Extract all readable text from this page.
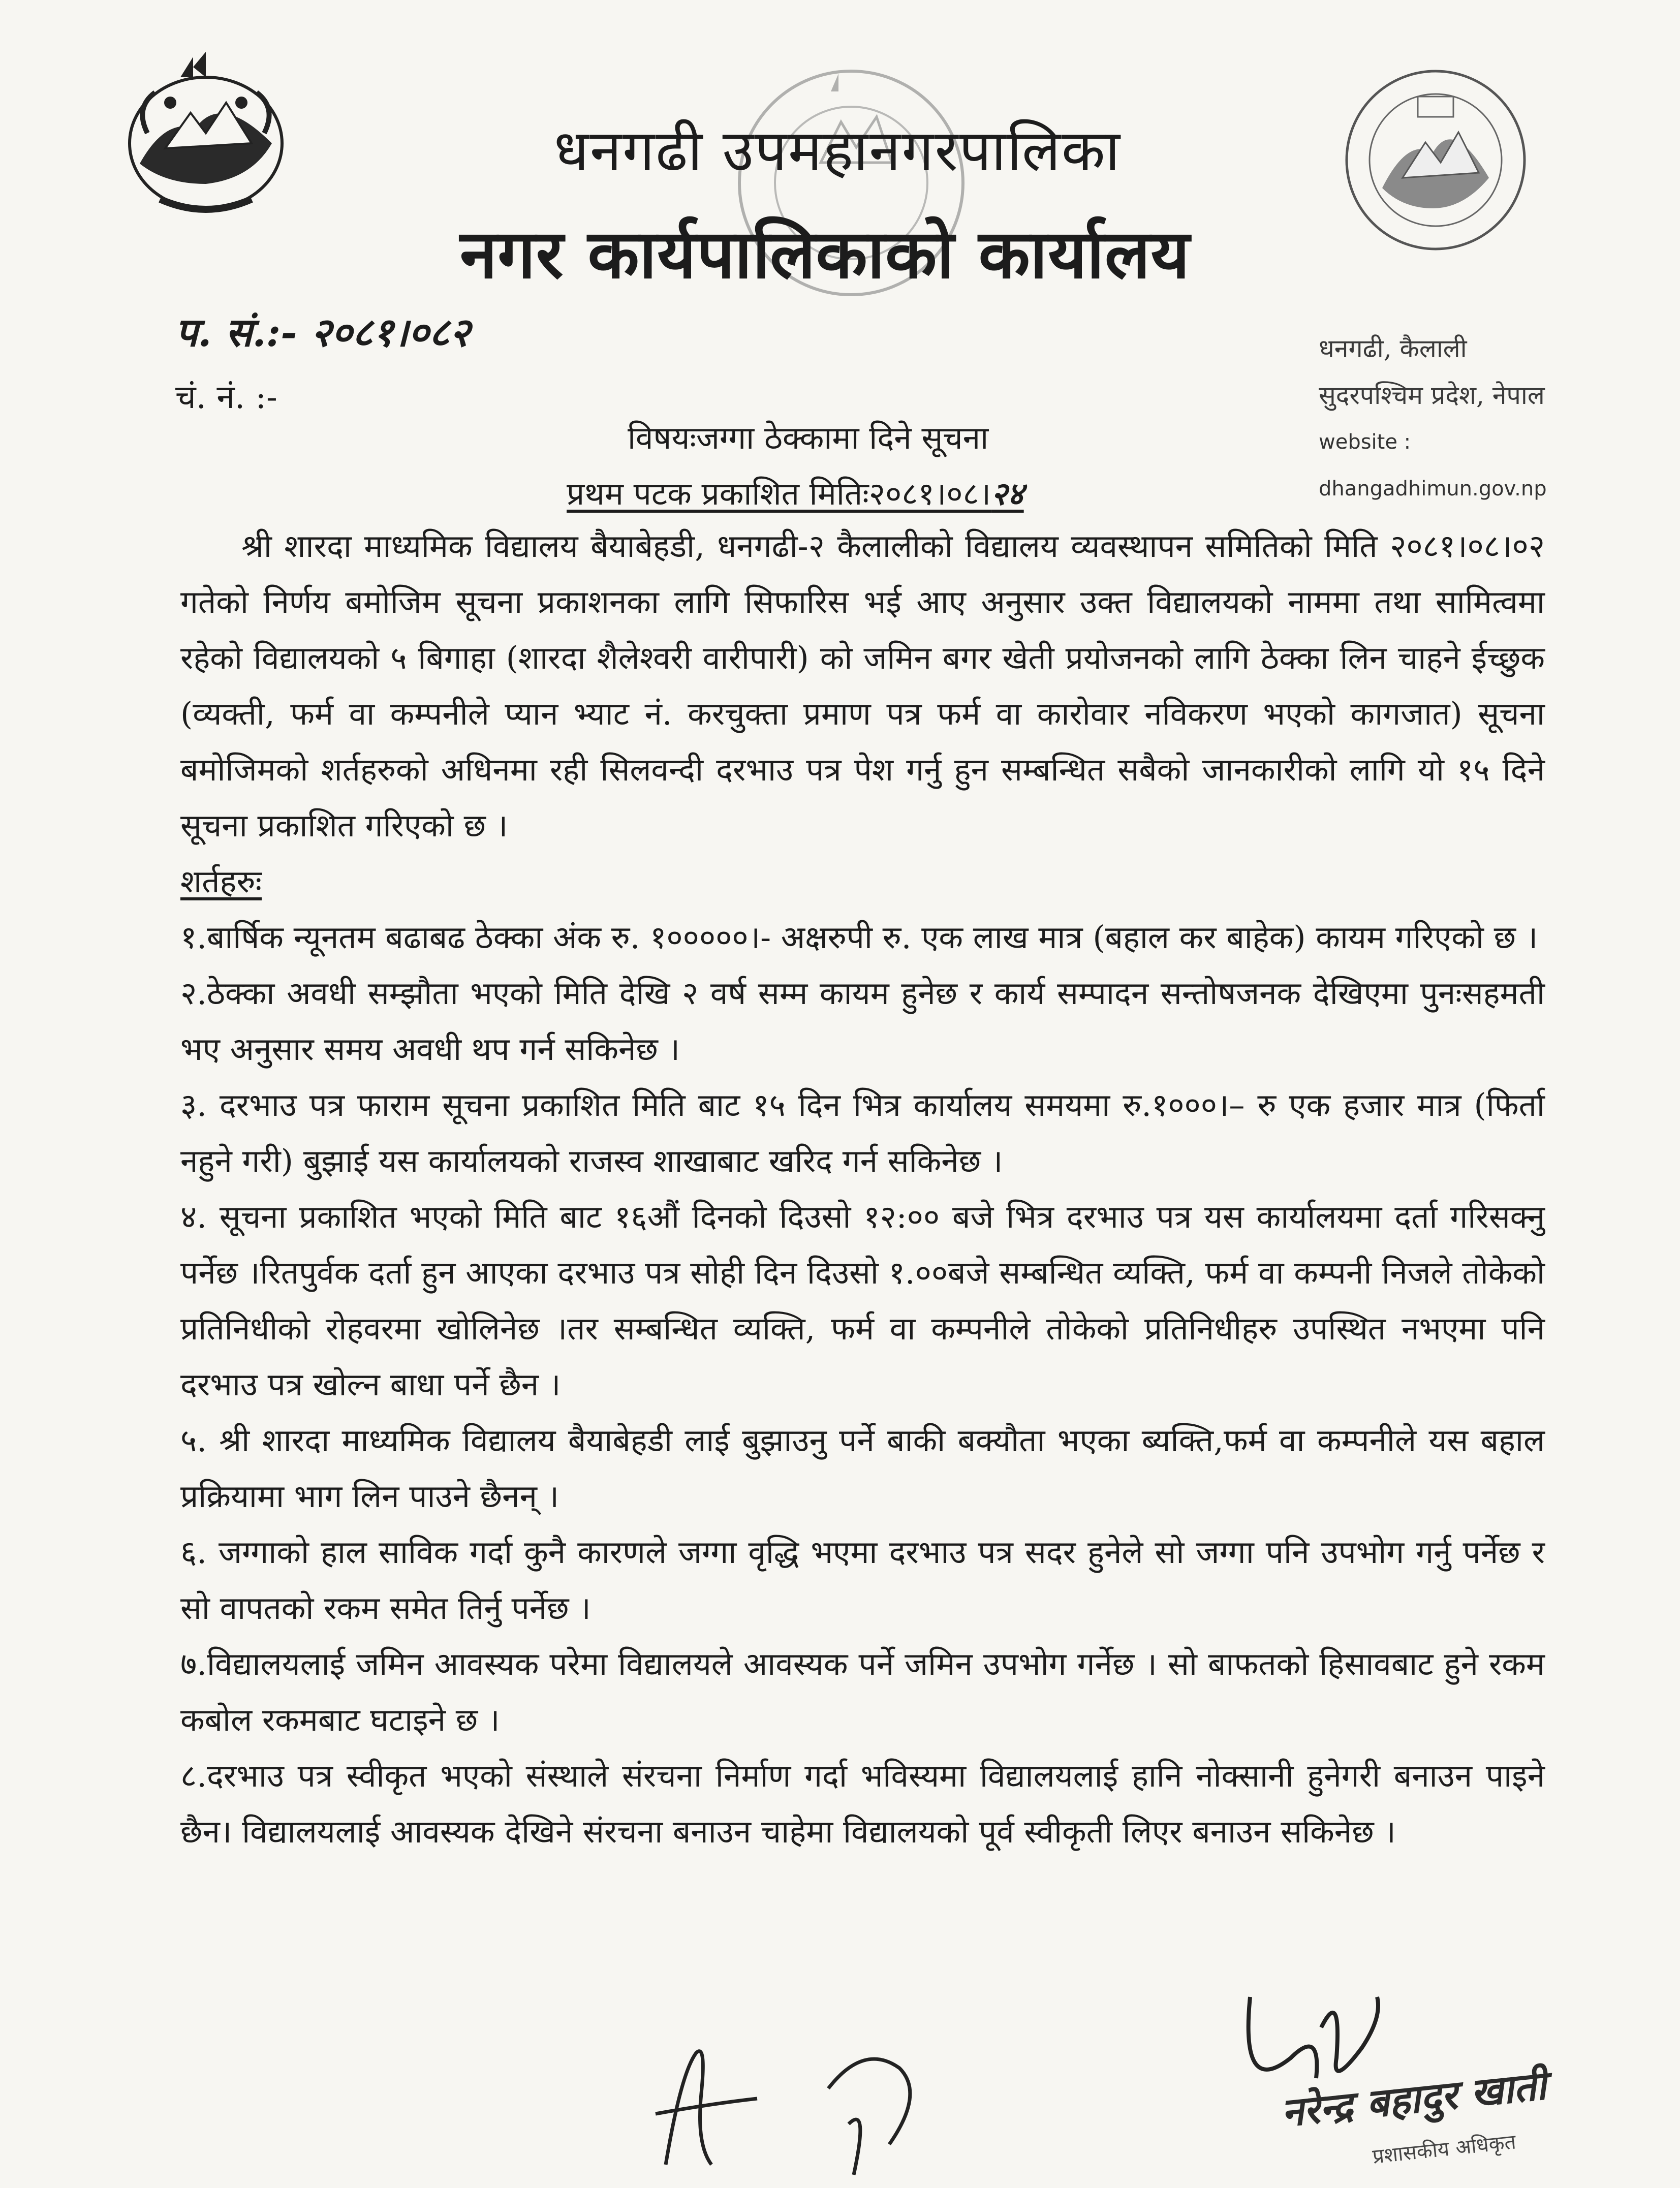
धनगढी उपमहानगरपालिका
नगर कार्यपालिकाको कार्यालय
प. सं.:- २०८१।०८२
चं. नं. :-
धनगढी, कैलाली
सुदरपश्चिम प्रदेश, नेपाल
website : dhangadhimun.gov.np
विषयःजग्गा ठेक्कामा दिने सूचना
प्रथम पटक प्रकाशित मितिः२०८१।०८।२४

श्री शारदा माध्यमिक विद्यालय बैयाबेहडी, धनगढी-२ कैलालीको विद्यालय व्यवस्थापन समितिको मिति २०८१।०८।०२ गतेको निर्णय बमोजिम सूचना प्रकाशनका लागि सिफारिस भई आए अनुसार उक्त विद्यालयको नाममा तथा सामित्वमा रहेको विद्यालयको ५ बिगाहा (शारदा शैलेश्वरी वारीपारी) को जमिन बगर खेती प्रयोजनको लागि ठेक्का लिन चाहने ईच्छुक (व्यक्ती, फर्म वा कम्पनीले प्यान भ्याट नं. करचुक्ता प्रमाण पत्र फर्म वा कारोवार नविकरण भएको कागजात) सूचना बमोजिमको शर्तहरुको अधिनमा रही सिलवन्दी दरभाउ पत्र पेश गर्नु हुन सम्बन्धित सबैको जानकारीको लागि यो १५ दिने सूचना प्रकाशित गरिएको छ ।

शर्तहरुः

१.बार्षिक न्यूनतम बढाबढ ठेक्का अंक रु. १०००००।- अक्षरुपी रु. एक लाख मात्र (बहाल कर बाहेक) कायम गरिएको छ ।

२.ठेक्का अवधी सम्झौता भएको मिति देखि २ वर्ष सम्म कायम हुनेछ र कार्य सम्पादन सन्तोषजनक देखिएमा पुनःसहमती भए अनुसार समय अवधी थप गर्न सकिनेछ ।

३. दरभाउ पत्र फाराम सूचना प्रकाशित मिति बाट १५ दिन भित्र कार्यालय समयमा रु.१०००।– रु एक हजार मात्र (फिर्ता नहुने गरी) बुझाई यस कार्यालयको राजस्व शाखाबाट खरिद गर्न सकिनेछ ।

४. सूचना प्रकाशित भएको मिति बाट १६औं दिनको दिउसो १२:०० बजे भित्र दरभाउ पत्र यस कार्यालयमा दर्ता गरिसक्नु पर्नेछ ।रितपुर्वक दर्ता हुन आएका दरभाउ पत्र सोही दिन दिउसो १.००बजे सम्बन्धित व्यक्ति, फर्म वा कम्पनी निजले तोकेको प्रतिनिधीको रोहवरमा खोलिनेछ ।तर सम्बन्धित व्यक्ति, फर्म वा कम्पनीले तोकेको प्रतिनिधीहरु उपस्थित नभएमा पनि दरभाउ पत्र खोल्न बाधा पर्ने छैन ।

५. श्री शारदा माध्यमिक विद्यालय बैयाबेहडी लाई बुझाउनु पर्ने बाकी बक्यौता भएका ब्यक्ति,फर्म वा कम्पनीले यस बहाल प्रक्रियामा भाग लिन पाउने छैनन् ।

६. जग्गाको हाल साविक गर्दा कुनै कारणले जग्गा वृद्धि भएमा दरभाउ पत्र सदर हुनेले सो जग्गा पनि उपभोग गर्नु पर्नेछ र सो वापतको रकम समेत तिर्नु पर्नेछ ।

७.विद्यालयलाई जमिन आवस्यक परेमा विद्यालयले आवस्यक पर्ने जमिन उपभोग गर्नेछ । सो बाफतको हिसावबाट हुने रकम कबोल रकमबाट घटाइने छ ।

८.दरभाउ पत्र स्वीकृत भएको संस्थाले संरचना निर्माण गर्दा भविस्यमा विद्यालयलाई हानि नोक्सानी हुनेगरी बनाउन पाइने छैन। विद्यालयलाई आवस्यक देखिने संरचना बनाउन चाहेमा विद्यालयको पूर्व स्वीकृती लिएर बनाउन सकिनेछ ।

नरेन्द्र बहादुर खाती
प्रशासकीय अधिकृत
